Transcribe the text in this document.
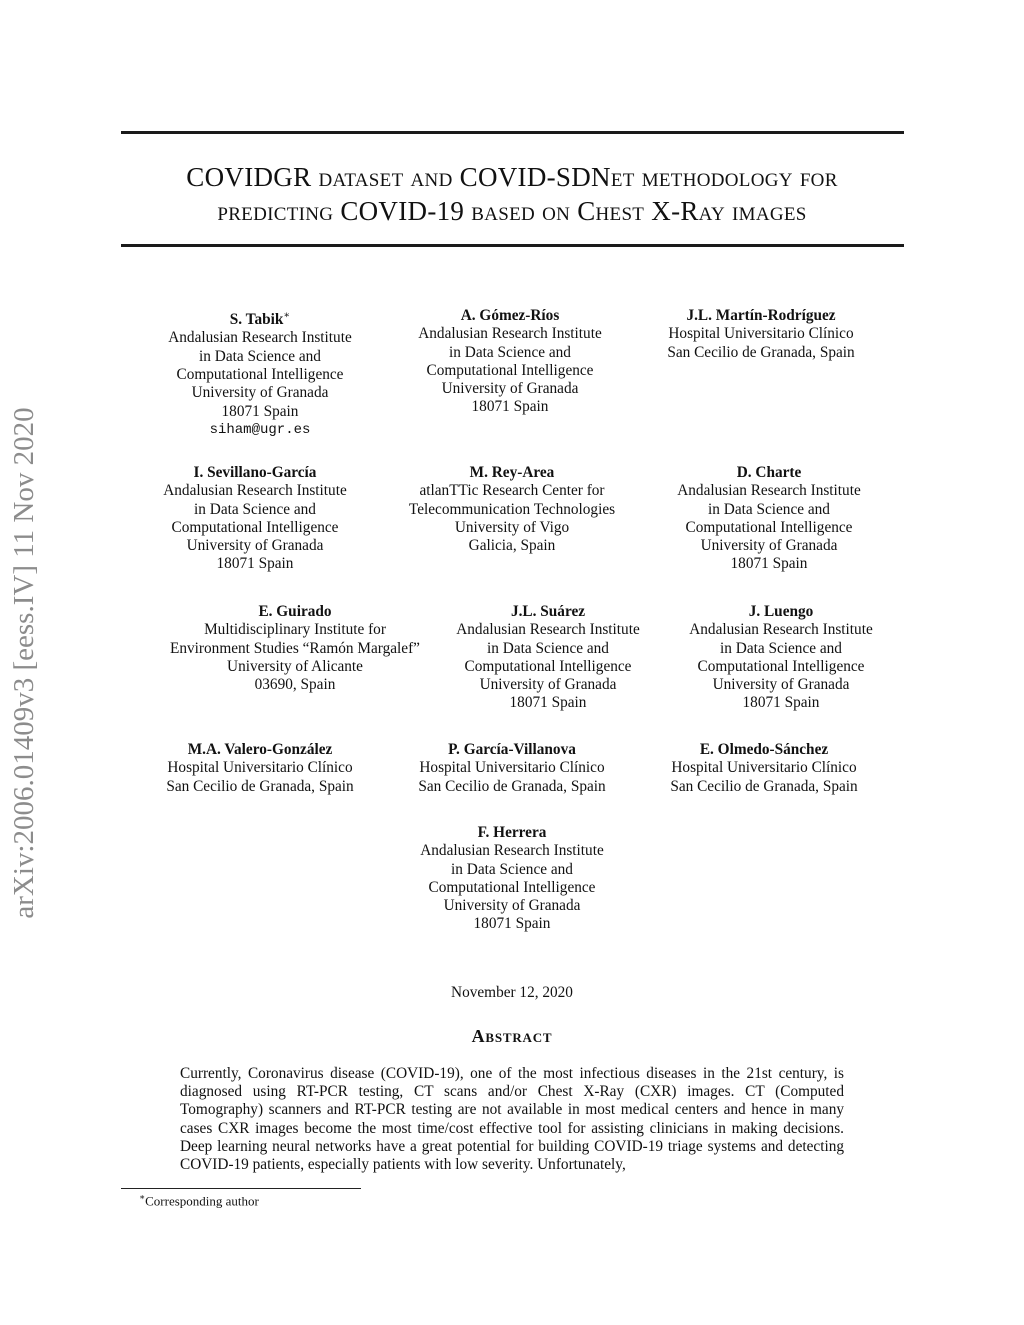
COVIDGR dataset and COVID-SDNet methodology for
predicting COVID-19 based on Chest X-Ray images
arXiv:2006.01409v3 [eess.IV] 11 Nov 2020
S. Tabik∗
Andalusian Research Institute
in Data Science and
Computational Intelligence
University of Granada
18071 Spain
siham@ugr.es
A. Gómez-Ríos
Andalusian Research Institute
in Data Science and
Computational Intelligence
University of Granada
18071 Spain
J.L. Martín-Rodríguez
Hospital Universitario Clínico
San Cecilio de Granada, Spain
I. Sevillano-García
Andalusian Research Institute
in Data Science and
Computational Intelligence
University of Granada
18071 Spain
M. Rey-Area
atlanTTic Research Center for
Telecommunication Technologies
University of Vigo
Galicia, Spain
D. Charte
Andalusian Research Institute
in Data Science and
Computational Intelligence
University of Granada
18071 Spain
E. Guirado
Multidisciplinary Institute for
Environment Studies “Ramón Margalef”
University of Alicante
03690, Spain
J.L. Suárez
Andalusian Research Institute
in Data Science and
Computational Intelligence
University of Granada
18071 Spain
J. Luengo
Andalusian Research Institute
in Data Science and
Computational Intelligence
University of Granada
18071 Spain
M.A. Valero-González
Hospital Universitario Clínico
San Cecilio de Granada, Spain
P. García-Villanova
Hospital Universitario Clínico
San Cecilio de Granada, Spain
E. Olmedo-Sánchez
Hospital Universitario Clínico
San Cecilio de Granada, Spain
F. Herrera
Andalusian Research Institute
in Data Science and
Computational Intelligence
University of Granada
18071 Spain
November 12, 2020
Abstract
Currently, Coronavirus disease (COVID-19), one of the most infectious diseases in the 21st century, is diagnosed using RT-PCR testing, CT scans and/or Chest X-Ray (CXR) images. CT (Computed Tomography) scanners and RT-PCR testing are not available in most medical centers and hence in many cases CXR images become the most time/cost effective tool for assisting clinicians in making decisions. Deep learning neural networks have a great potential for building COVID-19 triage systems and detecting COVID-19 patients, especially patients with low severity. Unfortunately,
∗Corresponding author
